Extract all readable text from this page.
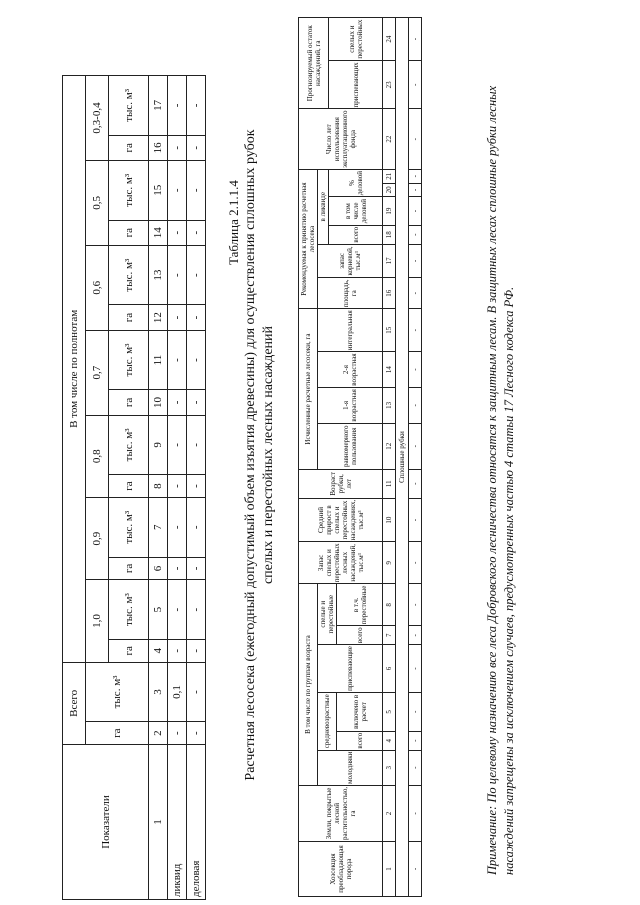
Показатели	Всего		В том числе по полнотам													
	га	тыс. м³	1,0		0,9		0,8		0,7		0,6		0,5		0,3-0,4	
			га	тыс. м³	га	тыс. м³	га	тыс. м³	га	тыс. м³	га	тыс. м³	га	тыс. м³	га	тыс. м³
1	2	3	4	5	6	7	8	9	10	11	12	13	14	15	16	17
ликвид	-	0,1	-	-	-	-	-	-	-	-	-	-	-	-	-	-
деловая	-	-	-	-	-	-	-	-	-	-	-	-	-	-	-	-
Таблица 2.1.1.4 Расчетная лесосека (ежегодный допустимый объем изъятия древесины) для осуществления сплошных рубок спелых и перестойных лесных насаждений
Хозсекция преобладающая порода	Земли, покрытые лесной растительностью, га	В том числе по группам возраста						Запас спелых и перестойных лесных насаждений, тыс.м³	Средний прирост в спелых и перестойных насаждениях, тыс.м³	Возраст рубки, лет	Исчисленные расчетные лесосеки, га				Рекомендуемая к принятию расчетная лесосека						Число лет использования эксплуатационного фонда	Прогнозируемый остаток насаждений, га	
		молодняки	средневозрастные		приспевающие	спелые и перестойные					равномерного пользования	1-я возрастная	2-я возрастная	интегральная	площадь, га	запас корневой, тыс.м³	в ликвиде						
																	всего	в том числе деловой	% деловой			приспевающих	спелых и перестойных
			всего	включено в расчет		всего	в т.ч. перестойные																
1	2	3	4	5	6	7	8	9	10	11	12	13	14	15	16	17	18	19	20	21	22	23	24
Сплошные рубки																							
-	-	-	-	-	-	-	-	-	-	-	-	-	-	-	-	-	-	-	-	-	-	-	-
Примечание: По целевому назначению все леса Добровского лесничества относятся к защитным лесам. В защитных лесах сплошные рубки лесных насаждений запрещены за исключением случаев, предусмотренных частью 4 статьи 17 Лесного кодекса РФ.
